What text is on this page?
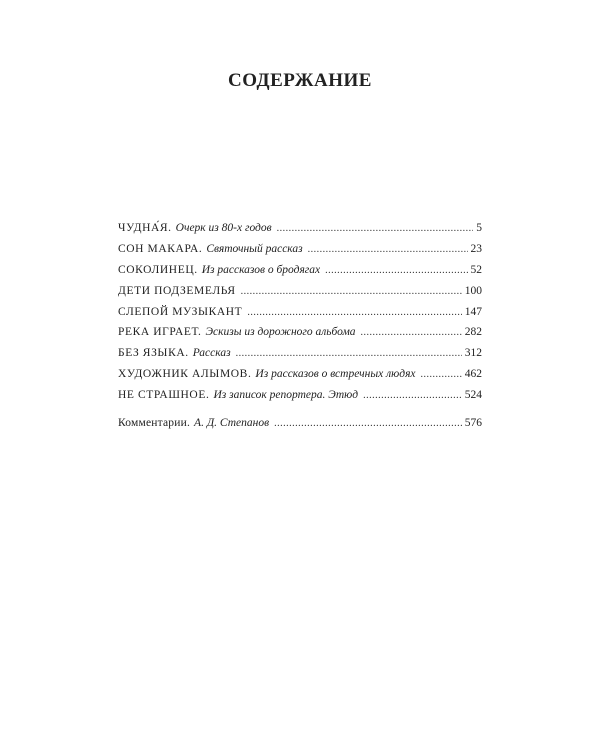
СОДЕРЖАНИЕ
ЧУДНА́Я. Очерк из 80-х годов . . .	5
СОН МАКАРА. Святочный рассказ . . .	23
СОКОЛИНЕЦ. Из рассказов о бродягах . . .	52
ДЕТИ ПОДЗЕМЕЛЬЯ . . .	100
СЛЕПОЙ МУЗЫКАНТ . . .	147
РЕКА ИГРАЕТ. Эскизы из дорожного альбома . . .	282
БЕЗ ЯЗЫКА. Рассказ . . .	312
ХУДОЖНИК АЛЫМОВ. Из рассказов о встречных людях . . .	462
НЕ СТРАШНОЕ. Из записок репортера. Этюд . . .	524
Комментарии. А. Д. Степанов . . .	576
